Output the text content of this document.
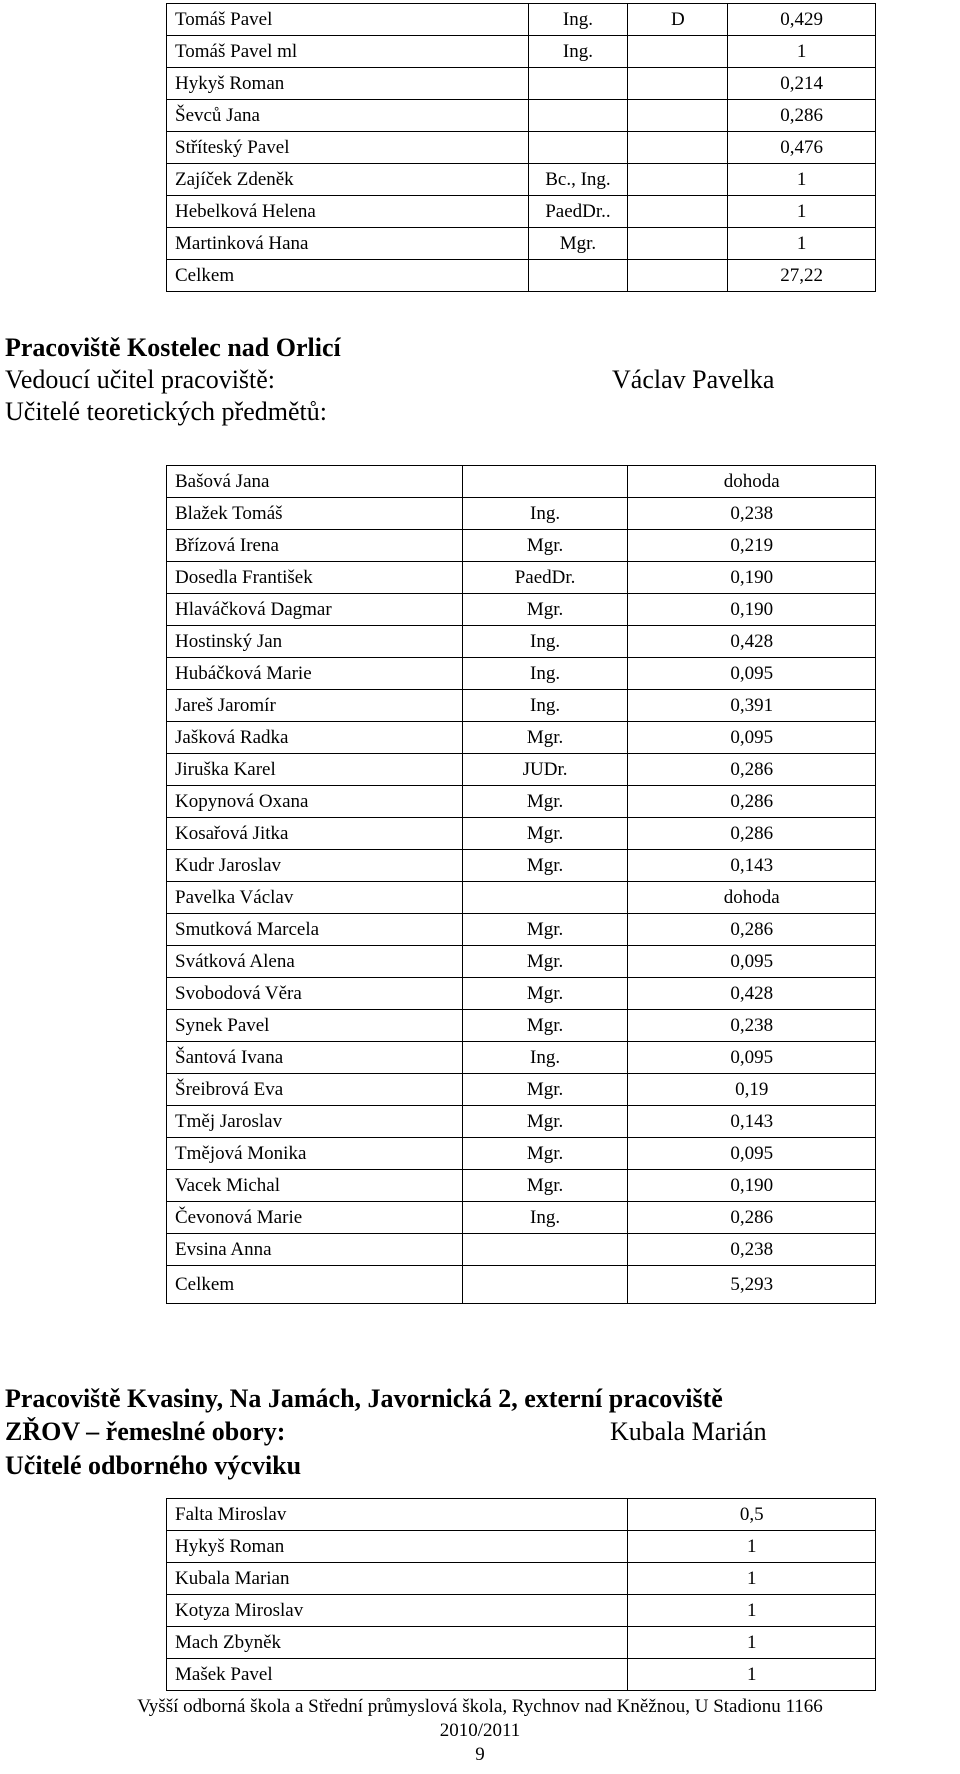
Tomáš Pavel	Ing.	D	0,429
Tomáš Pavel ml	Ing.		1
Hykyš Roman			0,214
Ševců Jana			0,286
Stříteský Pavel			0,476
Zajíček Zdeněk	Bc., Ing.		1
Hebelková Helena	PaedDr..		1
Martinková Hana	Mgr.		1
Celkem			27,22
Pracoviště Kostelec nad Orlicí
Vedoucí učitel pracoviště:	Václav Pavelka
Učitelé teoretických předmětů:
Bašová Jana		dohoda
Blažek Tomáš	Ing.	0,238
Břízová Irena	Mgr.	0,219
Dosedla František	PaedDr.	0,190
Hlaváčková Dagmar	Mgr.	0,190
Hostinský Jan	Ing.	0,428
Hubáčková Marie	Ing.	0,095
Jareš Jaromír	Ing.	0,391
Jašková Radka	Mgr.	0,095
Jiruška Karel	JUDr.	0,286
Kopynová Oxana	Mgr.	0,286
Kosařová Jitka	Mgr.	0,286
Kudr Jaroslav	Mgr.	0,143
Pavelka Václav		dohoda
Smutková Marcela	Mgr.	0,286
Svátková Alena	Mgr.	0,095
Svobodová Věra	Mgr.	0,428
Synek Pavel	Mgr.	0,238
Šantová Ivana	Ing.	0,095
Šreibrová Eva	Mgr.	0,19
Tměj Jaroslav	Mgr.	0,143
Tmějová Monika	Mgr.	0,095
Vacek Michal	Mgr.	0,190
Čevonová Marie	Ing.	0,286
Evsina Anna		0,238
Celkem		5,293
Pracoviště Kvasiny, Na Jamách, Javornická 2, externí pracoviště
ZŘOV – řemeslné obory:	Kubala Marián
Učitelé odborného výcviku
Falta Miroslav	0,5
Hykyš Roman	1
Kubala Marian	1
Kotyza Miroslav	1
Mach Zbyněk	1
Mašek Pavel	1
Vyšší odborná škola a Střední průmyslová škola, Rychnov nad Kněžnou, U Stadionu 1166
2010/2011
9
